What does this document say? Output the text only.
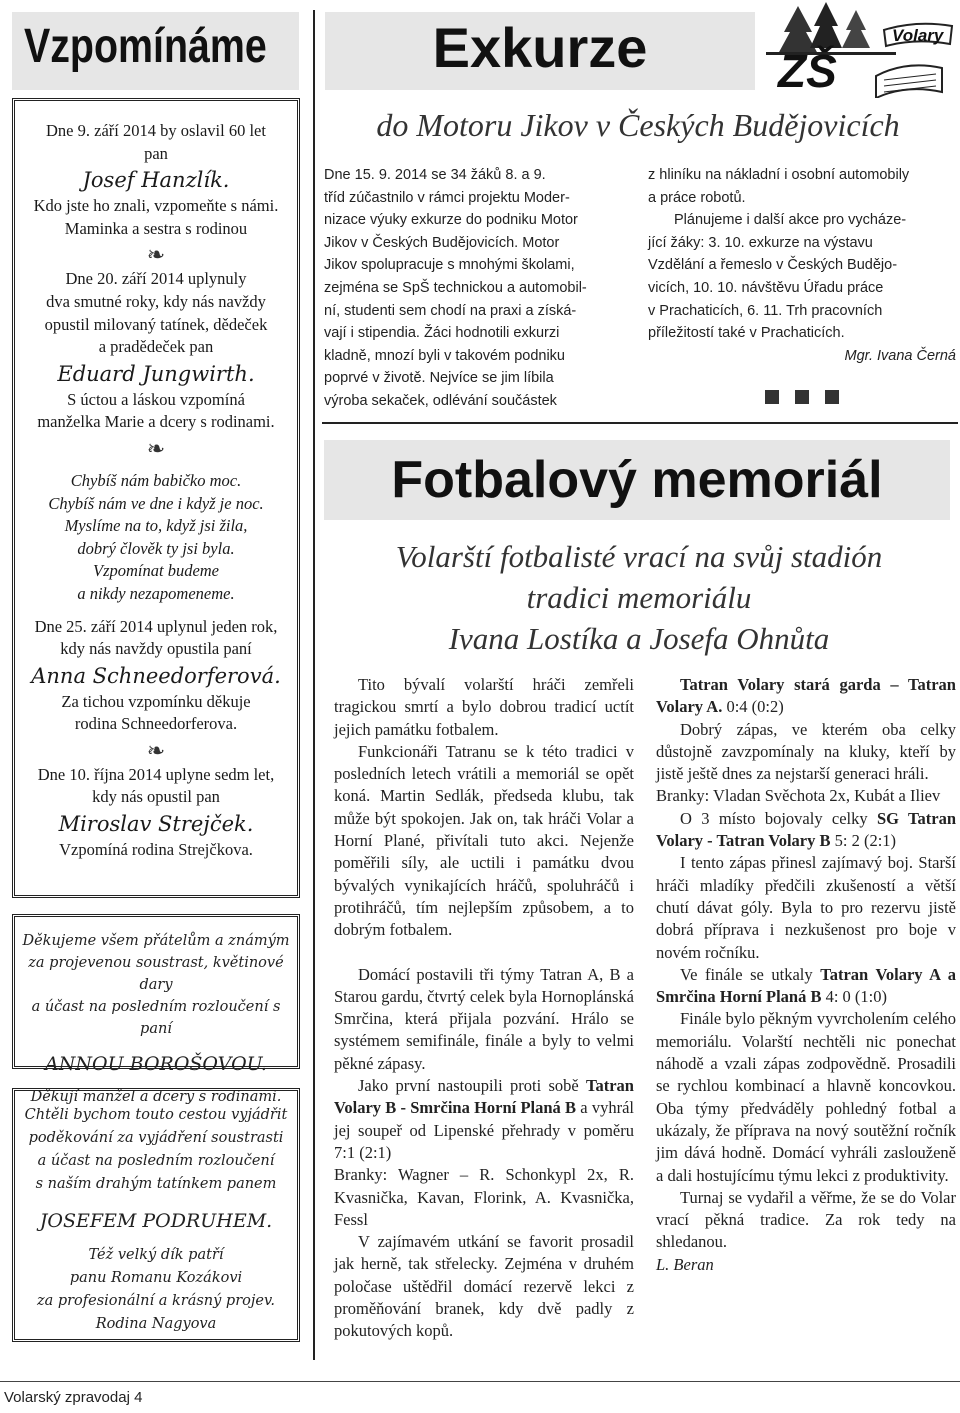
Vzpomínáme

Dne 9. září 2014 by oslavil 60 let

pan

Josef Hanzlík.

Kdo jste ho znali, vzpomeňte s námi.

Maminka a sestra s rodinou

❧

Dne 20. září 2014 uplynuly

dva smutné roky, kdy nás navždy

opustil milovaný tatínek, dědeček

a pradědeček pan

Eduard Jungwirth.

S úctou a láskou vzpomíná

manželka Marie a dcery s rodinami.

❧

Chybíš nám babičko moc.

Chybíš nám ve dne i když je noc.

Myslíme na to, když jsi žila,

dobrý člověk ty jsi byla.

Vzpomínat budeme

a nikdy nezapomeneme.

Dne 25. září 2014 uplynul jeden rok,

kdy nás navždy opustila paní

Anna Schneedorferová.

Za tichou vzpomínku děkuje

rodina Schneedorferova.

❧

Dne 10. října 2014 uplyne sedm let,

kdy nás opustil pan

Miroslav Strejček.

Vzpomíná rodina Strejčkova.

Děkujeme všem přátelům a známým
za projevenou soustrast, květinové dary
a účast na posledním rozloučení s paní
ANNOU BOROŠOVOU.
Děkují manžel a dcery s rodinami.
Chtěli bychom touto cestou vyjádřit
poděkování za vyjádření soustrasti
a účast na posledním rozloučení
s naším drahým tatínkem panem
JOSEFEM PODRUHEM.
Též velký dík patří
panu Romanu Kozákovi
za profesionální a krásný projev.
Rodina Nagyova
Exkurze	ZŠ
Volary
do Motoru Jikov v Českých Budějovicích
Dne 15. 9. 2014 se 34 žáků 8. a 9.
tříd zúčastnilo v rámci projektu Moder-
nizace výuky exkurze do podniku Motor
Jikov v Českých Budějovicích. Motor
Jikov spolupracuje s mnohými školami,
zejména se SpŠ technickou a automobil-
ní, studenti sem chodí na praxi a získá-
vají i stipendia. Žáci hodnotili exkurzi
kladně, mnozí byli v takovém podniku
poprvé v životě. Nejvíce se jim líbila
výroba sekaček, odlévání součástek
z hliníku na nákladní i osobní automobily
a práce robotů.
Plánujeme i další akce pro vycháze-
jící žáky: 3. 10. exkurze na výstavu
Vzdělání a řemeslo v Českých Budějo-
vicích, 10. 10. návštěvu Úřadu práce
v Prachaticích, 6. 11. Trh pracovních
příležitostí také v Prachaticích.
Mgr. Ivana Černá
Fotbalový memoriál
Volarští fotbalisté vrací na svůj stadión
tradici memoriálu
Ivana Lostíka a Josefa Ohnůta

Tito bývalí volarští hráči zemřeli tragickou smrtí a bylo dobrou tradicí uctít jejich památku fotbalem.

Funkcionáři Tatranu se k této tradici v posledních letech vrátili a memoriál se opět koná. Martin Sedlák, předseda klubu, tak může být spokojen. Jak on, tak hráči Volar a Horní Plané, přivítali tuto akci. Nejenže poměřili síly, ale uctili i památku dvou bývalých vynikajících hráčů, spoluhráčů i protihráčů, tím nejlepším způsobem, a to dobrým fotbalem.

Domácí postavili tři týmy Tatran A, B a Starou gardu, čtvrtý celek byla Hornoplánská Smrčina, která přijala pozvání. Hrálo se systémem semifinále, finále a byly to velmi pěkné zápasy.

Jako první nastoupili proti sobě Tatran Volary B - Smrčina Horní Planá B a vyhrál jej soupeř od Lipenské přehrady v poměru 7:1 (2:1)

Branky: Wagner – R. Schonkypl 2x, R. Kvasnička, Kavan, Florink, A. Kvasnička, Fessl

V zajímavém utkání se favorit prosadil jak herně, tak střelecky. Zejména v druhém poločase uštědřil domácí rezervě lekci z proměňování branek, kdy dvě padly z pokutových kopů.

Tatran Volary stará garda – Tatran Volary A. 0:4 (0:2)

Dobrý zápas, ve kterém oba celky důstojně zavzpomínaly na kluky, kteří by jistě ještě dnes za nejstarší generaci hráli.

Branky: Vladan Svěchota 2x, Kubát a Iliev

O 3 místo bojovaly celky SG Tatran Volary - Tatran Volary B 5: 2 (2:1)

I tento zápas přinesl zajímavý boj. Starší hráči mladíky předčili zkušeností a větší chutí dávat góly. Byla to pro rezervu jistě dobrá příprava i nezkušenost pro boje v novém ročníku.

Ve finále se utkaly Tatran Volary A a Smrčina Horní Planá B 4: 0 (1:0)

Finále bylo pěkným vyvrcholením celého memoriálu. Volarští nechtěli nic ponechat náhodě a vzali zápas zodpovědně. Prosadili se rychlou kombinací a hlavně koncovkou. Oba týmy předváděly pohledný fotbal a ukázaly, že příprava na nový soutěžní ročník jim dává hodně. Domácí vyhráli zaslouženě a dali hostujícímu týmu lekci z produktivity.

Turnaj se vydařil a věřme, že se do Volar vrací pěkná tradice. Za rok tedy na shledanou.

L. Beran

Volarský zpravodaj 4
